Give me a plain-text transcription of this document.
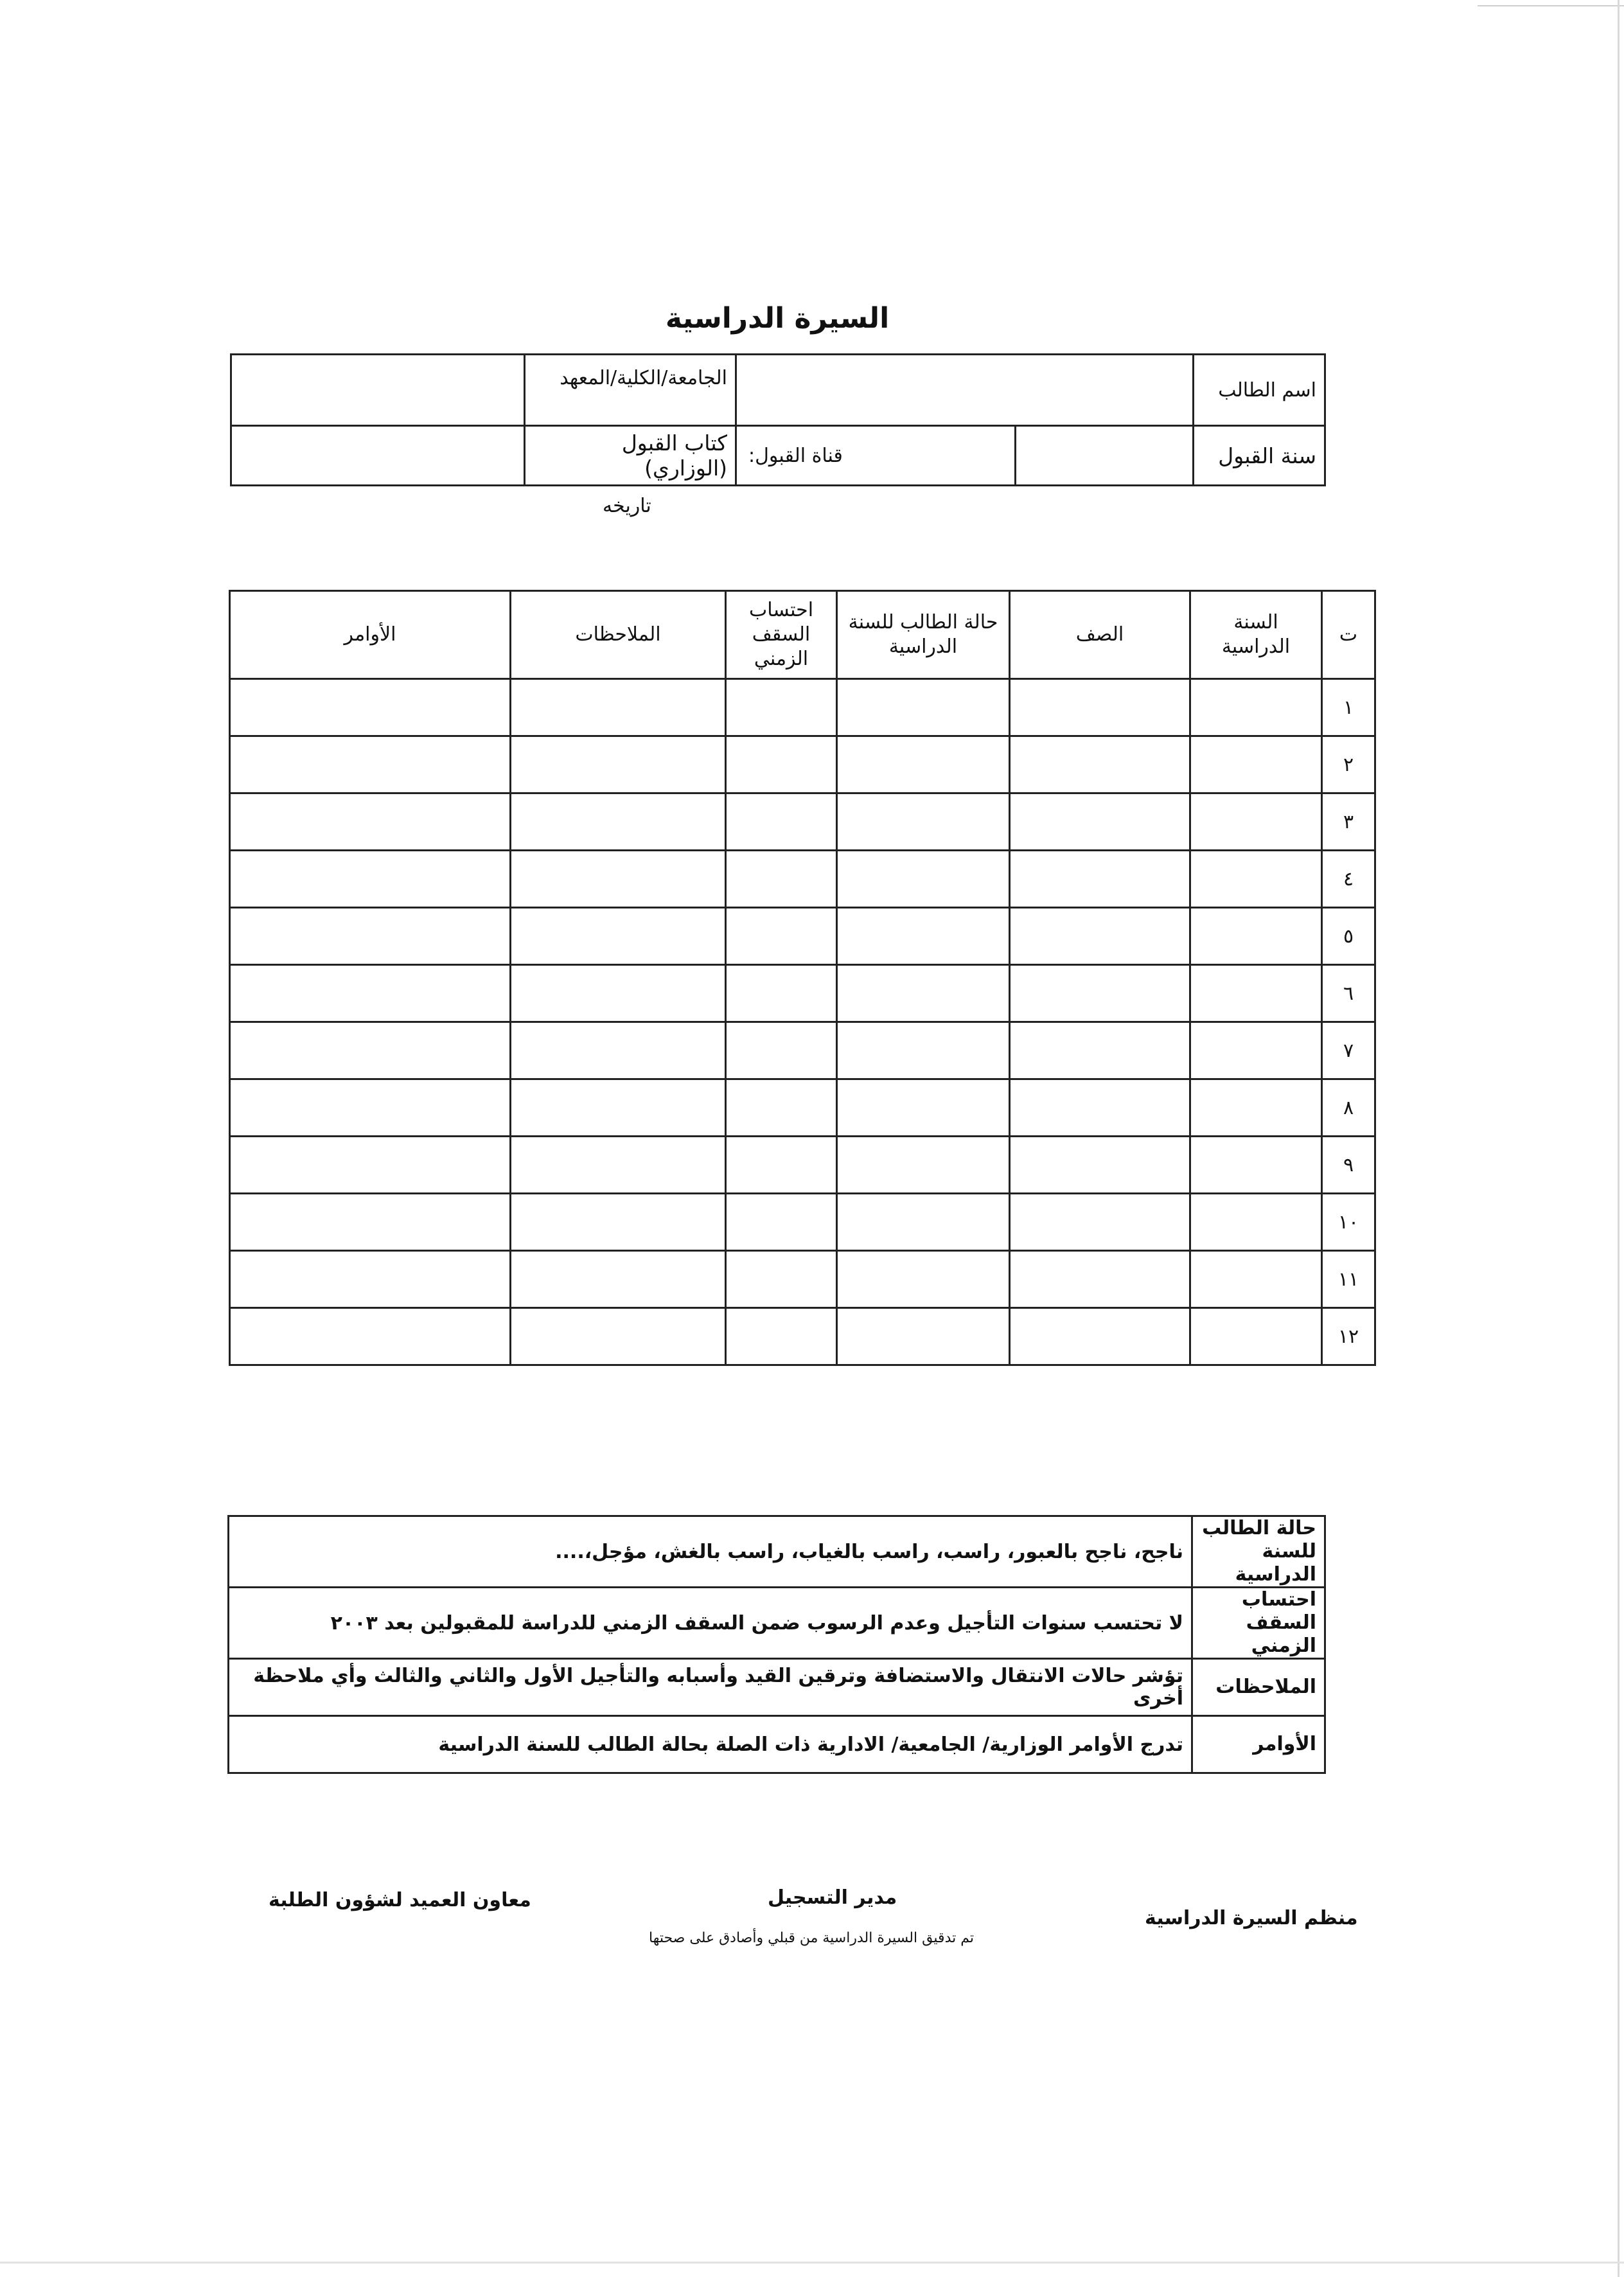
السيرة الدراسية
اسم الطالب			الجامعة/الكلية/المعهد	
سنة القبول		قناة القبول:	كتاب القبول (الوزاري)	
تاريخه
ت	السنة الدراسية	الصف	حالة الطالب للسنة الدراسية	احتساب السقف الزمني	الملاحظات	الأوامر
١						
٢						
٣						
٤						
٥						
٦						
٧						
٨						
٩						
١٠						
١١						
١٢						
حالة الطالب للسنة الدراسية	ناجح، ناجح بالعبور، راسب، راسب بالغياب، راسب بالغش، مؤجل،....
احتساب السقف الزمني	لا تحتسب سنوات التأجيل وعدم الرسوب ضمن السقف الزمني للدراسة للمقبولين بعد ٢٠٠٣
الملاحظات	تؤشر حالات الانتقال والاستضافة وترقين القيد وأسبابه والتأجيل الأول والثاني والثالث وأي ملاحظة أخرى
الأوامر	تدرج الأوامر الوزارية/ الجامعية/ الادارية ذات الصلة بحالة الطالب للسنة الدراسية
منظم السيرة الدراسية
مدير التسجيل
تم تدقيق السيرة الدراسية من قبلي وأصادق على صحتها
معاون العميد لشؤون الطلبة
